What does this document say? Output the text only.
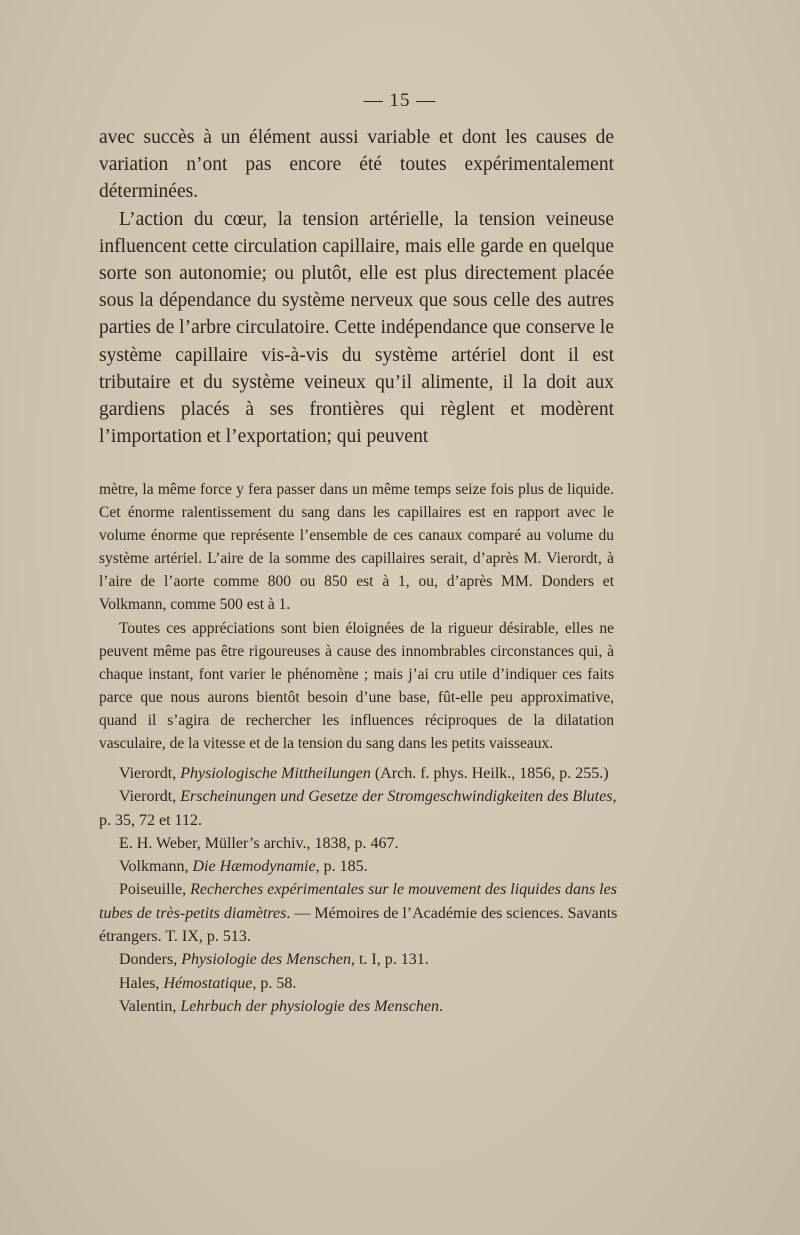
— 15 —

avec succès à un élément aussi variable et dont les causes de variation n’ont pas encore été toutes expérimentalement déterminées.

L’action du cœur, la tension artérielle, la tension veineuse influencent cette circulation capillaire, mais elle garde en quelque sorte son autonomie; ou plutôt, elle est plus directement placée sous la dépendance du système nerveux que sous celle des autres parties de l’arbre circulatoire. Cette indépendance que conserve le système capillaire vis-à-vis du système artériel dont il est tributaire et du système veineux qu’il alimente, il la doit aux gardiens placés à ses frontières qui règlent et modèrent l’importation et l’exportation; qui peuvent

mètre, la même force y fera passer dans un même temps seize fois plus de liquide. Cet énorme ralentissement du sang dans les capillaires est en rapport avec le volume énorme que représente l’ensemble de ces canaux comparé au volume du système artériel. L’aire de la somme des capillaires serait, d’après M. Vierordt, à l’aire de l’aorte comme 800 ou 850 est à 1, ou, d’après MM. Donders et Volkmann, comme 500 est à 1.

Toutes ces appréciations sont bien éloignées de la rigueur désirable, elles ne peuvent même pas être rigoureuses à cause des innombrables circonstances qui, à chaque instant, font varier le phénomène ; mais j’ai cru utile d’indiquer ces faits parce que nous aurons bientôt besoin d’une base, fût-elle peu approximative, quand il s’agira de rechercher les influences réciproques de la dilatation vasculaire, de la vitesse et de la tension du sang dans les petits vaisseaux.

Vierordt, Physiologische Mittheilungen (Arch. f. phys. Heilk., 1856, p. 255.)

Vierordt, Erscheinungen und Gesetze der Stromgeschwindigkeiten des Blutes, p. 35, 72 et 112.

E. H. Weber, Müller’s archiv., 1838, p. 467.

Volkmann, Die Hæmodynamie, p. 185.

Poiseuille, Recherches expérimentales sur le mouvement des liquides dans les tubes de très-petits diamètres. — Mémoires de l’Académie des sciences. Savants étrangers. T. IX, p. 513.

Donders, Physiologie des Menschen, t. I, p. 131.

Hales, Hémostatique, p. 58.

Valentin, Lehrbuch der physiologie des Menschen.
